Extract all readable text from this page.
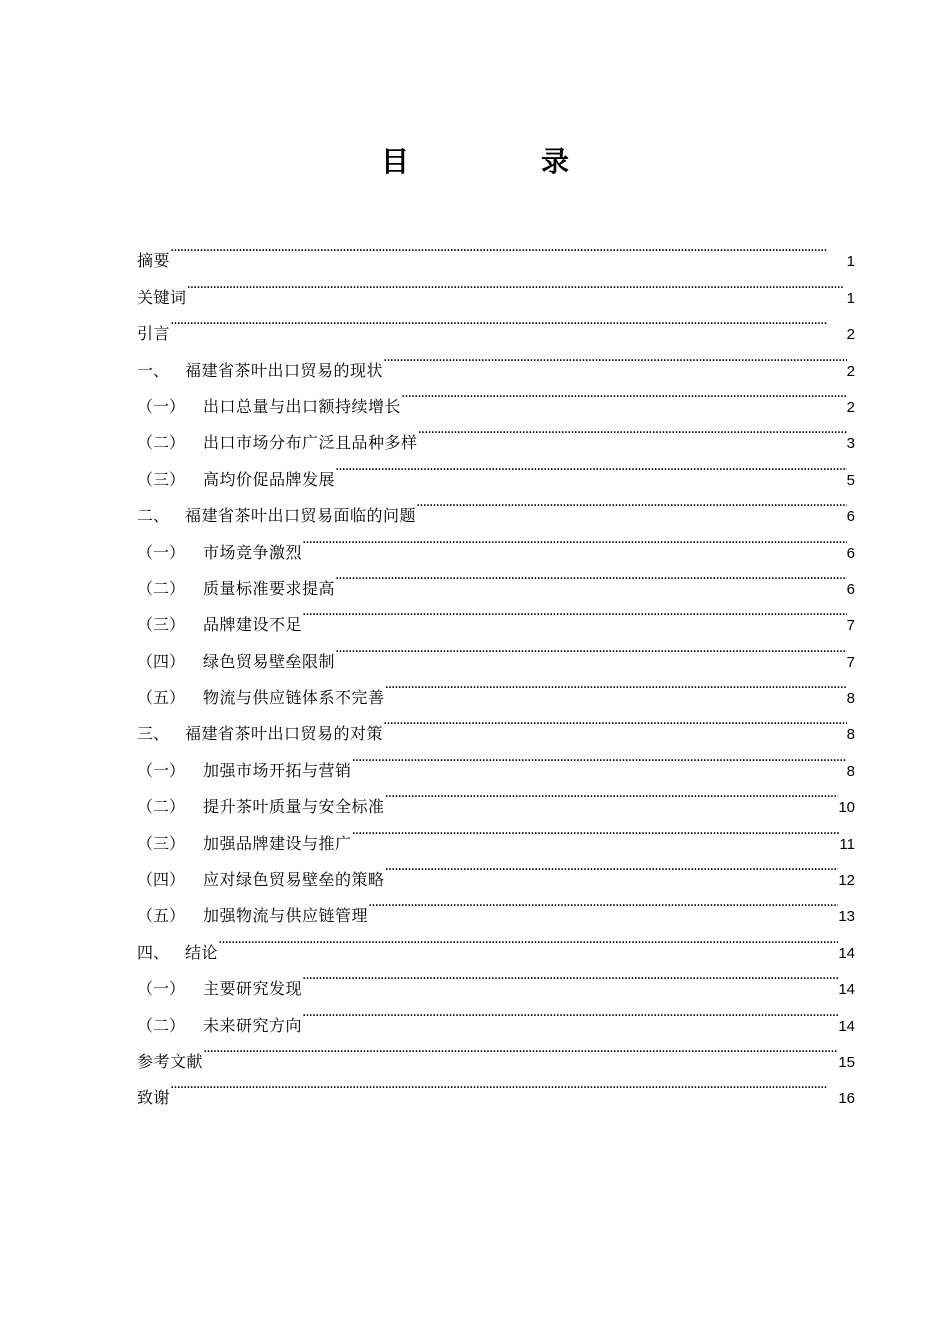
目　录
摘要 ·····	1
关键词 ·····	1
引言 ·····	2
一、 福建省茶叶出口贸易的现状 ·····	2
（一）	出口总量与出口额持续增长 ·····	2
（二）	出口市场分布广泛且品种多样 ·····	3
（三）	高均价促品牌发展 ·····	5
二、 福建省茶叶出口贸易面临的问题 ·····	6
（一）	市场竞争激烈 ·····	6
（二）	质量标准要求提高 ·····	6
（三）	品牌建设不足 ·····	7
（四）	绿色贸易壁垒限制 ·····	7
（五）	物流与供应链体系不完善 ·····	8
三、 福建省茶叶出口贸易的对策 ·····	8
（一）	加强市场开拓与营销 ·····	8
（二）	提升茶叶质量与安全标准 ·····	10
（三）	加强品牌建设与推广 ·····	11
（四）	应对绿色贸易壁垒的策略 ·····	12
（五）	加强物流与供应链管理 ·····	13
四、 结论 ·····	14
（一）	主要研究发现 ·····	14
（二）	未来研究方向 ·····	14
参考文献 ·····	15
致谢 ·····	16
